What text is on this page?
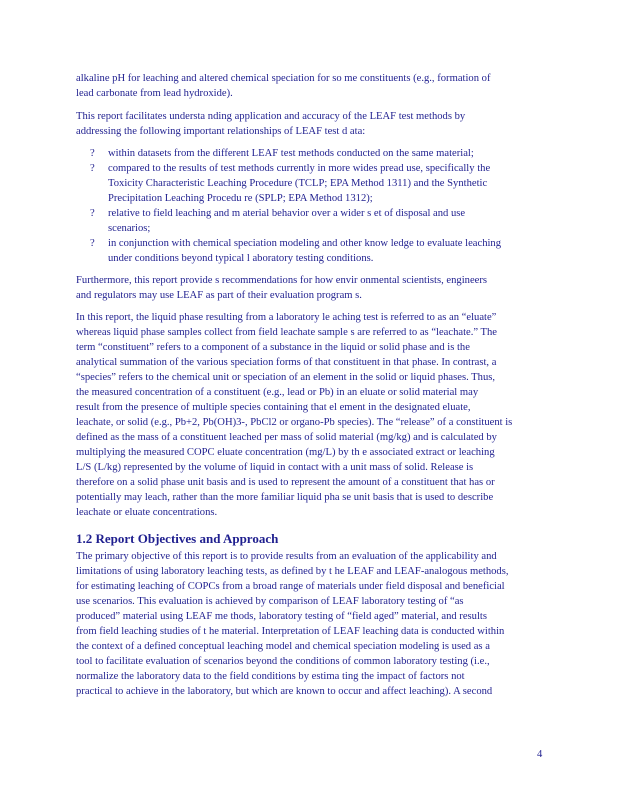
alkaline pH for leaching and altered chemical speciation for so me constituents (e.g., formation of
lead carbonate from lead hydroxide).
This report facilitates understa nding application and accuracy of the LEAF test methods by
addressing the following important relationships of LEAF test d ata:
? within datasets from the different LEAF test methods conducted on the same material;
? compared to the results of test methods currently in more wides pread use, specifically the
Toxicity Characteristic Leaching Procedure (TCLP; EPA Method 1311) and the Synthetic
Precipitation Leaching Procedu re (SPLP; EPA Method 1312);
? relative to field leaching and m aterial behavior over a wider s et of disposal and use
scenarios;
? in conjunction with chemical speciation modeling and other know ledge to evaluate leaching
under conditions beyond typical l aboratory testing conditions.
Furthermore, this report provide s recommendations for how envir onmental scientists, engineers
and regulators may use LEAF as part of their evaluation program s.
In this report, the liquid phase resulting from a laboratory le aching test is referred to as an “eluate”
whereas liquid phase samples collect from field leachate sample s are referred to as “leachate.” The
term “constituent” refers to a component of a substance in the liquid or solid phase and is the
analytical summation of the various speciation forms of that constituent in that phase. In contrast, a
“species” refers to the chemical unit or speciation of an element in the solid or liquid phases. Thus,
the measured concentration of a constituent (e.g., lead or Pb) in an eluate or solid material may
result from the presence of multiple species containing that el ement in the designated eluate,
leachate, or solid (e.g., Pb+2, Pb(OH)3-, PbCl2 or organo-Pb species). The “release” of a constituent is
defined as the mass of a constituent leached per mass of solid material (mg/kg) and is calculated by
multiplying the measured COPC eluate concentration (mg/L) by th e associated extract or leaching
L/S (L/kg) represented by the volume of liquid in contact with a unit mass of solid. Release is
therefore on a solid phase unit basis and is used to represent the amount of a constituent that has or
potentially may leach, rather than the more familiar liquid pha se unit basis that is used to describe
leachate or eluate concentrations.
1.2 Report Objectives and Approach
The primary objective of this report is to provide results from an evaluation of the applicability and
limitations of using laboratory leaching tests, as defined by t he LEAF and LEAF-analogous methods,
for estimating leaching of COPCs from a broad range of materials under field disposal and beneficial
use scenarios. This evaluation is achieved by comparison of LEAF laboratory testing of “as
produced” material using LEAF me thods, laboratory testing of “field aged” material, and results
from field leaching studies of t he material. Interpretation of LEAF leaching data is conducted within
the context of a defined conceptual leaching model and chemical speciation modeling is used as a
tool to facilitate evaluation of scenarios beyond the conditions of common laboratory testing (i.e.,
normalize the laboratory data to the field conditions by estima ting the impact of factors not
practical to achieve in the laboratory, but which are known to occur and affect leaching). A second
4
